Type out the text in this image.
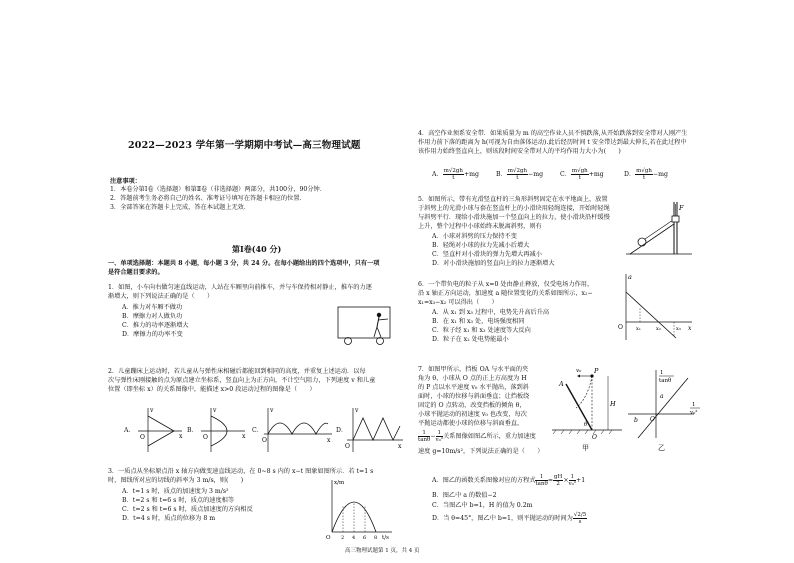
2022—2023 学年第一学期期中考试—高三物理试题
注意事项：
1．本卷分第Ⅰ卷（选择题）和第Ⅱ卷（非选择题）两部分，共100分，90分钟．
2．答题前考生务必将自己的姓名、准考证号填写在答题卡相应的位置．
3．全部答案在答题卡上完成，答在本试题上无效．
第Ⅰ卷(40 分)
一、单项选择题：本题共 8 小题，每小题 3 分，共 24 分。在每小题给出的四个选项中，只有一项
是符合题目要求的。
1．如图，小车向右做匀速直线运动，人站在车厢里向前推车，并与车保持相对静止，推车的力逐
渐增大，则下列说法正确的是（　　）
A．推力对车厢不做功
B．摩擦力对人做负功
C．推力的功率逐渐增大
D．摩擦力的功率不变
2．儿童蹦床上运动时，若儿童从与弹性床相碰后都能回到相同的高度，并重复上述运动．以每
次与弹性床刚接触的点为原点建立坐标系，竖直向上为正方向，不计空气阻力，下列速度 v 和儿童
位置（即坐标 x）的关系图像中，能描述 x>0 段运动过程的图像是（　　）
A．
v
x
O
B．
v
x
O
C．
v
x
O
D．
v
x
O
3．一质点从坐标原点沿 x 轴方向做变速直线运动，在 0~8 s 内的 x−t 图象如图所示．若 t=1 s
时，图线所对应的切线的斜率为 3 m/s，则(　　)
A．t=1 s 时，质点的加速度为 3 m/s²
B．t=2 s 和 t=6 s 时，质点的速度相等
C．t=2 s 和 t=6 s 时，质点加速度的方向相反
D．t=4 s 时，质点的位移为 8 m
x/m
t/s
O 2 4 6 8
4．高空作业须系安全带．如果质量为 m 的高空作业人员不慎跌落,从开始跌落到安全带对人刚产生
作用力前下落的距离为 h(可视为自由落体运动).此后经历时间 t 安全带达到最大伸长,若在此过程中
该作用力始终竖直向上，则该段时间安全带对人的平均作用力大小为(　　)
A． $\frac{m√2gh}{t} +mg$	B． $\frac{m√2gh}{t} -mg$	C． $\frac{m√gh}{t} +mg$	D． $\frac{m√gh}{t} -mg$
5．如图所示，带有光滑竖直杆的三角形斜劈固定在水平地面上，放置
于斜劈上的光滑小球与套在竖直杆上的小滑块用轻绳连接，开始时轻绳
与斜劈平行．现给小滑块施加一个竖直向上的拉力，使小滑块沿杆缓慢
上升，整个过程中小球始终未脱离斜劈，则有
A．小球对斜劈的压力保持不变
B．轻绳对小球的拉力先减小后增大
C．竖直杆对小滑块的弹力先增大再减小
D．对小滑块施加的竖直向上的拉力逐渐增大
F
6．一个带负电的粒子从 x=0 处由静止释放，仅受电场力作用，
沿 x 轴正方向运动，加速度 a 随位置变化的关系如图所示，x₂−
x₁=x₃−x₂ 可以得出（　　）
A．从 x₁ 到 x₃ 过程中，电势先升高后升高
B．在 x₁ 和 x₃ 处，电场强度相同
C．粒子经 x₁ 和 x₃ 处速度等大反向
D．粒子在 x₂ 处电势能最小
a
x
O	x₁	x₂	x₃
7．如图甲所示，挡板 OA 与水平面的夹
角为 θ，小球从 O 点的正上方高度为 H
的 P 点以水平速度 v₀ 水平抛出，落到斜
面时，小球的位移与斜面垂直；让挡板绕
固定的 O 点转动，改变挡板的倾角 θ，
小球平抛运动的初速度 v₀ 也改变，每次
平抛运动都使小球的位移与斜面垂直，
$\frac{1}{\tan\theta} - \frac{1}{\text{v₀²}}$ 关系图像如图乙所示，重力加速度
速度 g=10m/s²，下列说法正确的是（　　）
A．图乙的函数关系图像对应的方程式 $\frac{1}{\tan\theta} = \frac{gH}{2} \times \frac{1}{\text{v₀²}} +1$
B．图乙中 a 的数值−2
C．当图乙中 b=1，H 的值为 0.2m
D．当 θ=45°，图乙中 b=1，则平抛运动的时间为 $\frac{√2/5}{s}$
P
H
A
O
v₀
θ
甲
1
tanθ
1
v₀²
O
a
b
乙
高三物理试题第 1 页，共 4 页
